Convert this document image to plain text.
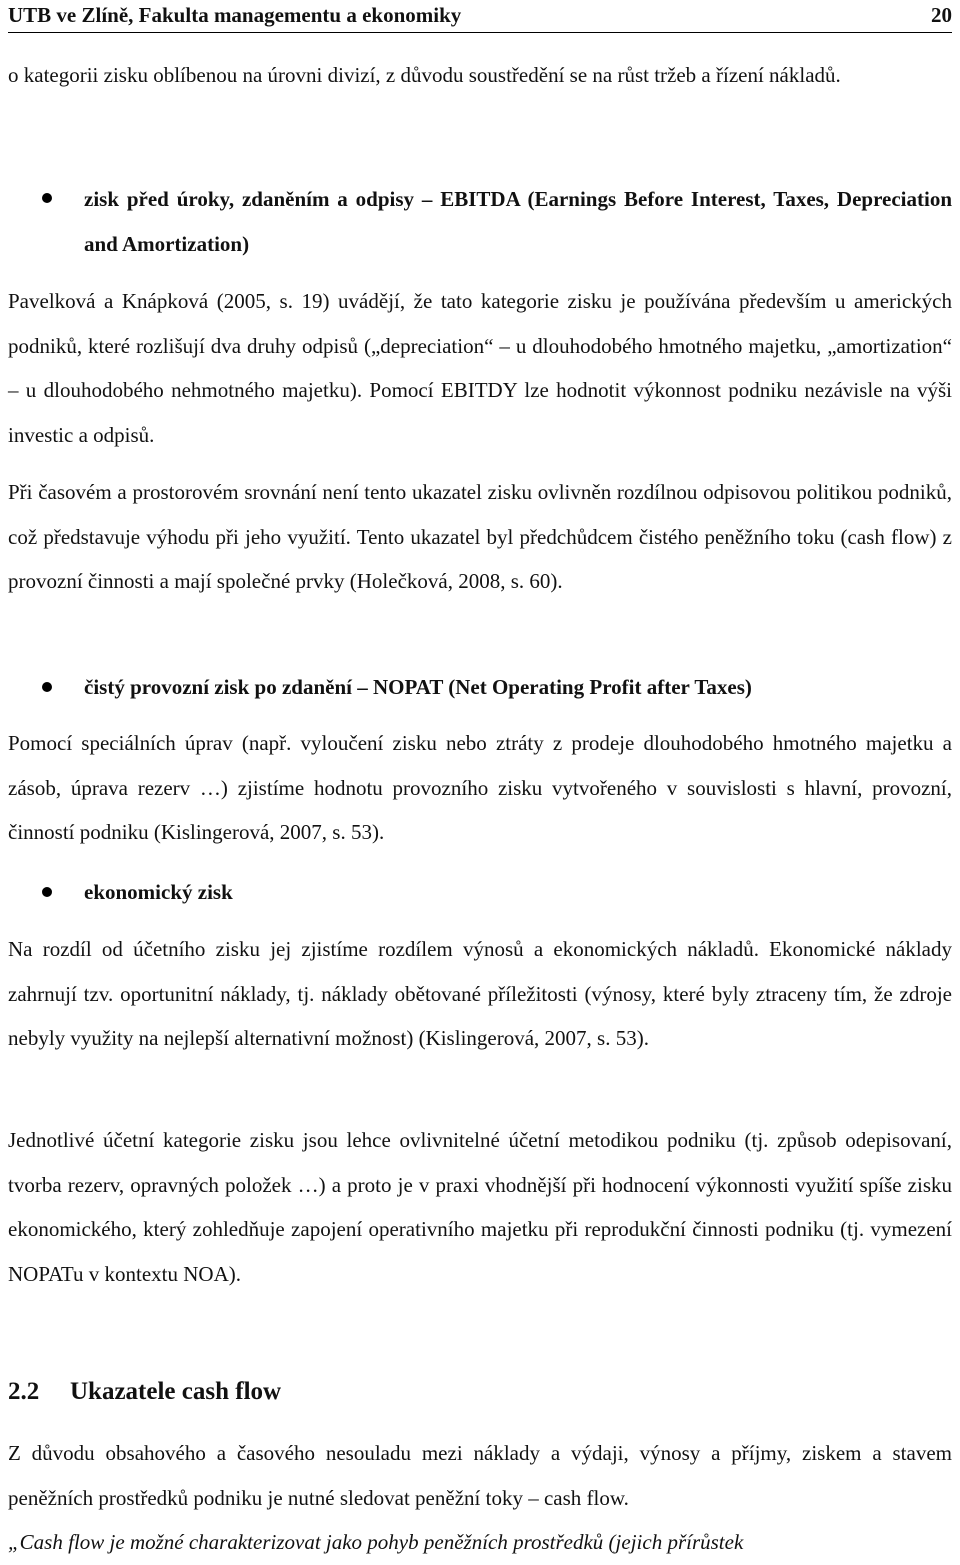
UTB ve Zlíně, Fakulta managementu a ekonomiky	20

o kategorii zisku oblíbenou na úrovni divizí, z důvodu soustředění se na růst tržeb a řízení nákladů.

zisk před úroky, zdaněním a odpisy – EBITDA (Earnings Before Interest, Taxes, Depreciation and Amortization)

Pavelková a Knápková (2005, s. 19) uvádějí, že tato kategorie zisku je používána především u amerických podniků, které rozlišují dva druhy odpisů („depreciation“ – u dlouhodobého hmotného majetku, „amortization“ – u dlouhodobého nehmotného majetku). Pomocí EBITDY lze hodnotit výkonnost podniku nezávisle na výši investic a odpisů.

Při časovém a prostorovém srovnání není tento ukazatel zisku ovlivněn rozdílnou odpisovou politikou podniků, což představuje výhodu při jeho využití. Tento ukazatel byl předchůdcem čistého peněžního toku (cash flow) z provozní činnosti a mají společné prvky (Holečková, 2008, s. 60).

čistý provozní zisk po zdanění – NOPAT (Net Operating Profit after Taxes)

Pomocí speciálních úprav (např. vyloučení zisku nebo ztráty z prodeje dlouhodobého hmotného majetku a zásob, úprava rezerv …) zjistíme hodnotu provozního zisku vytvořeného v souvislosti s hlavní, provozní, činností podniku (Kislingerová, 2007, s. 53).

ekonomický zisk

Na rozdíl od účetního zisku jej zjistíme rozdílem výnosů a ekonomických nákladů. Ekonomické náklady zahrnují tzv. oportunitní náklady, tj. náklady obětované příležitosti (výnosy, které byly ztraceny tím, že zdroje nebyly využity na nejlepší alternativní možnost) (Kislingerová, 2007, s. 53).

Jednotlivé účetní kategorie zisku jsou lehce ovlivnitelné účetní metodikou podniku (tj. způsob odepisovaní, tvorba rezerv, opravných položek …) a proto je v praxi vhodnější při hodnocení výkonnosti využití spíše zisku ekonomického, který zohledňuje zapojení operativního majetku při reprodukční činnosti podniku (tj. vymezení NOPATu v kontextu NOA).

2.2	Ukazatele cash flow

Z důvodu obsahového a časového nesouladu mezi náklady a výdaji, výnosy a příjmy, ziskem a stavem peněžních prostředků podniku je nutné sledovat peněžní toky – cash flow.

„Cash flow je možné charakterizovat jako pohyb peněžních prostředků (jejich přírůstek
